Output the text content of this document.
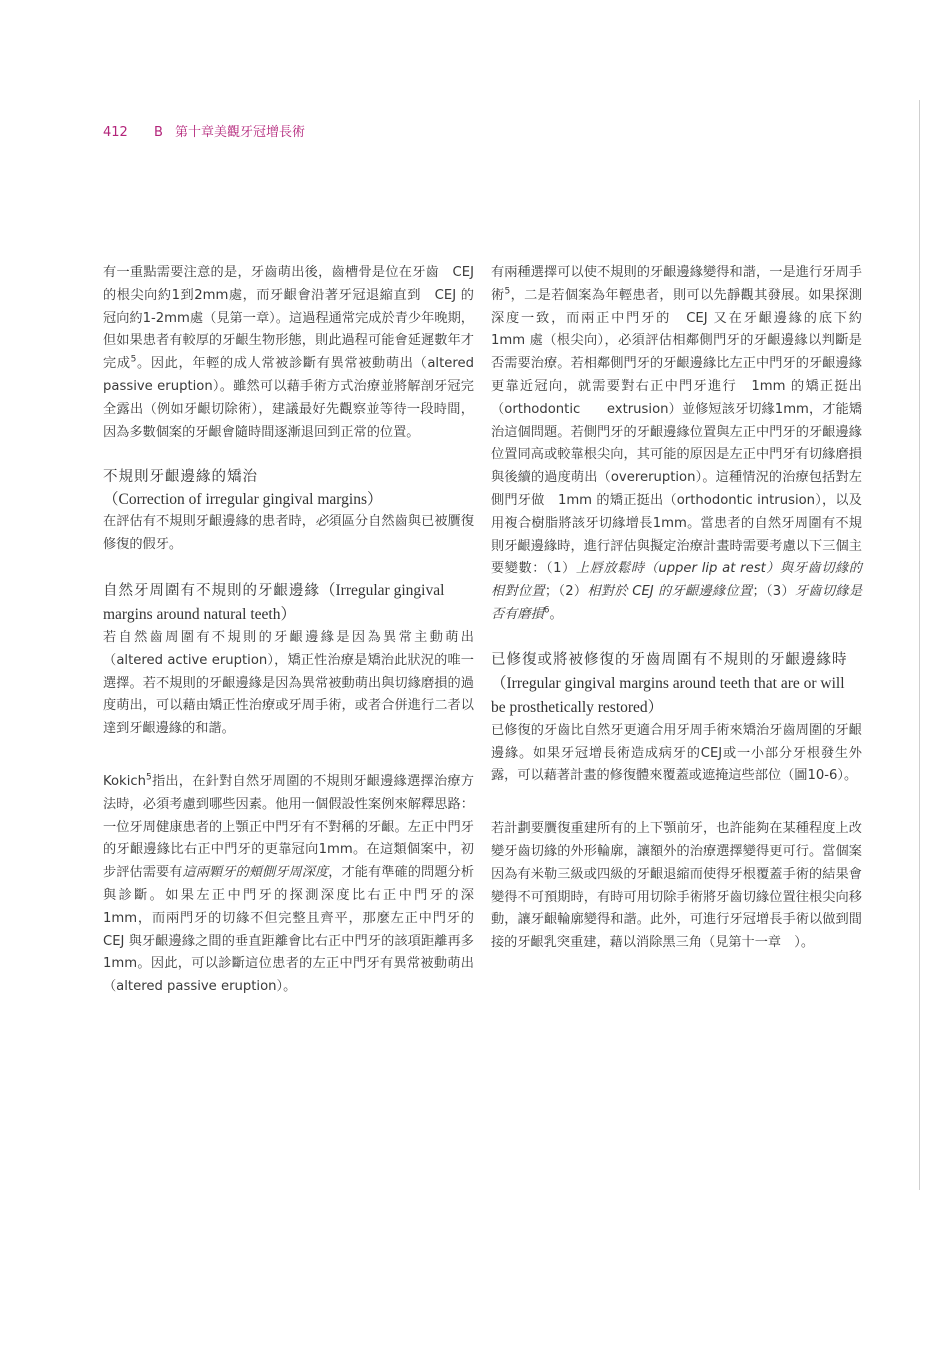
412 B 第十章美觀牙冠增長術

有一重點需要注意的是，牙齒萌出後，齒槽骨是位在牙齒　CEJ 的根尖向約1到2mm處，而牙齦會沿著牙冠退縮直到　CEJ 的冠向約1-2mm處（見第一章）。這過程通常完成於青少年晚期，但如果患者有較厚的牙齦生物形態，則此過程可能會延遲數年才完成$^5$。因此，年輕的成人常被診斷有異常被動萌出（altered passive eruption）。雖然可以藉手術方式治療並將解剖牙冠完全露出（例如牙齦切除術），建議最好先觀察並等待一段時間，因為多數個案的牙齦會隨時間逐漸退回到正常的位置。

不規則牙齦邊緣的矯治

（Correction of irregular gingival margins）

在評估有不規則牙齦邊緣的患者時，必須區分自然齒與已被贋復修復的假牙。

自然牙周圍有不規則的牙齦邊緣（Irregular gingival margins around natural teeth）

若自然齒周圍有不規則的牙齦邊緣是因為異常主動萌出（altered active eruption），矯正性治療是矯治此狀況的唯一選擇。若不規則的牙齦邊緣是因為異常被動萌出與切緣磨損的過度萌出，可以藉由矯正性治療或牙周手術，或者合併進行二者以達到牙齦邊緣的和諧。

Kokich$^5$指出，在針對自然牙周圍的不規則牙齦邊緣選擇治療方法時，必須考慮到哪些因素。他用一個假設性案例來解釋思路：一位牙周健康患者的上顎正中門牙有不對稱的牙齦。左正中門牙的牙齦邊緣比右正中門牙的更靠冠向1mm。在這類個案中，初步評估需要有這兩顆牙的頰側牙周深度，才能有準確的問題分析與診斷。如果左正中門牙的探測深度比右正中門牙的深　1mm，而兩門牙的切緣不但完整且齊平，那麼左正中門牙的　CEJ 與牙齦邊緣之間的垂直距離會比右正中門牙的該項距離再多1mm。因此，可以診斷這位患者的左正中門牙有異常被動萌出（altered passive eruption）。

有兩種選擇可以使不規則的牙齦邊緣變得和諧，一是進行牙周手術$^5$，二是若個案為年輕患者，則可以先靜觀其發展。如果探測深度一致，而兩正中門牙的　CEJ 又在牙齦邊緣的底下約　1mm 處（根尖向），必須評估相鄰側門牙的牙齦邊緣以判斷是否需要治療。若相鄰側門牙的牙齦邊緣比左正中門牙的牙齦邊緣更靠近冠向，就需要對右正中門牙進行　1mm 的矯正挺出（orthodontic　　extrusion）並修短該牙切緣1mm，才能矯治這個問題。若側門牙的牙齦邊緣位置與左正中門牙的牙齦邊緣位置同高或較靠根尖向，其可能的原因是左正中門牙有切緣磨損與後續的過度萌出（overeruption）。這種情況的治療包括對左側門牙做　1mm 的矯正挺出（orthodontic intrusion），以及用複合樹脂將該牙切緣增長1mm。當患者的自然牙周圍有不規則牙齦邊緣時，進行評估與擬定治療計畫時需要考慮以下三個主要變數：（1）上唇放鬆時（upper lip at rest）與牙齒切緣的相對位置；（2）相對於 CEJ 的牙齦邊緣位置；（3）牙齒切緣是否有磨損$^6$。

已修復或將被修復的牙齒周圍有不規則的牙齦邊緣時（Irregular gingival margins around teeth that are or will be prosthetically restored）

已修復的牙齒比自然牙更適合用牙周手術來矯治牙齒周圍的牙齦邊緣。如果牙冠增長術造成病牙的CEJ或一小部分牙根發生外露，可以藉著計畫的修復體來覆蓋或遮掩這些部位（圖10-6）。

若計劃要贋復重建所有的上下顎前牙，也許能夠在某種程度上改變牙齒切緣的外形輪廓，讓額外的治療選擇變得更可行。當個案因為有米勒三級或四級的牙齦退縮而使得牙根覆蓋手術的結果會變得不可預期時，有時可用切除手術將牙齒切緣位置往根尖向移動，讓牙齦輪廓變得和諧。此外，可進行牙冠增長手術以做到間接的牙齦乳突重建，藉以消除黑三角（見第十一章　）。
